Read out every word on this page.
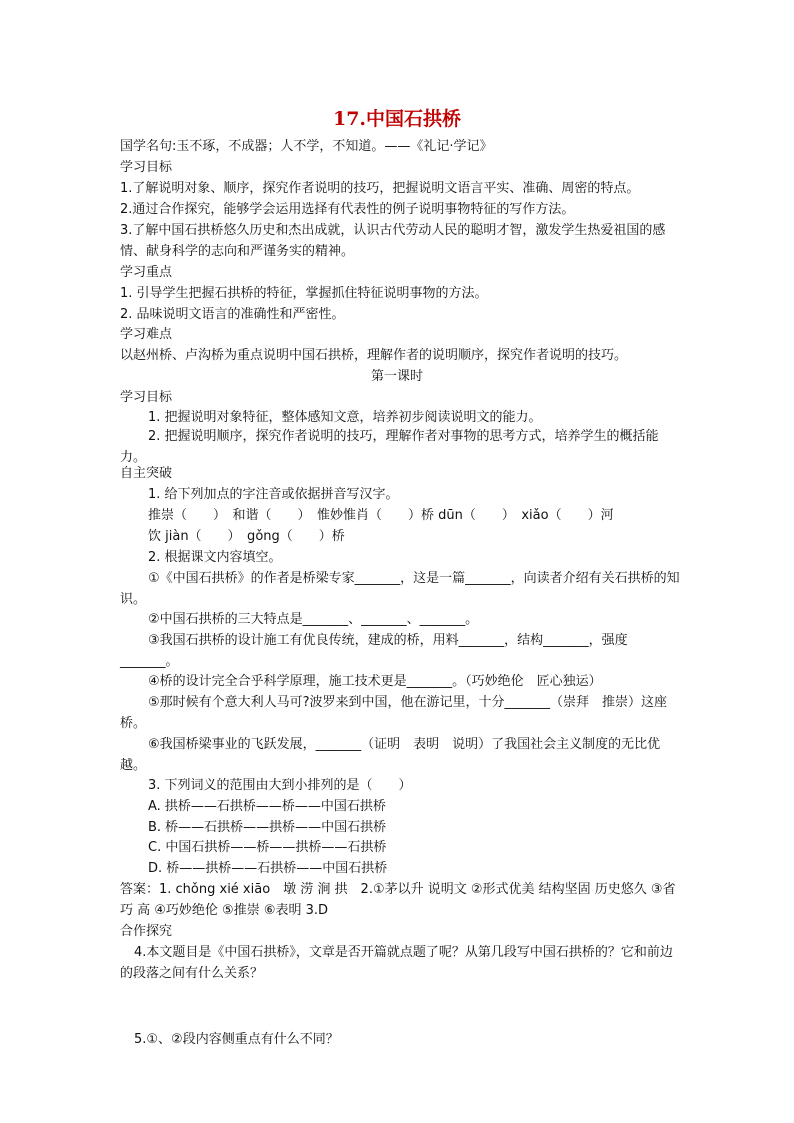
17.中国石拱桥
国学名句:玉不琢，不成器；人不学，不知道。——《礼记·学记》
学习目标
1.了解说明对象、顺序，探究作者说明的技巧，把握说明文语言平实、准确、周密的特点。
2.通过合作探究，能够学会运用选择有代表性的例子说明事物特征的写作方法。
3.了解中国石拱桥悠久历史和杰出成就，认识古代劳动人民的聪明才智，激发学生热爱祖国的感情、献身科学的志向和严谨务实的精神。
学习重点
1. 引导学生把握石拱桥的特征，掌握抓住特征说明事物的方法。
2. 品味说明文语言的准确性和严密性。
学习难点
以赵州桥、卢沟桥为重点说明中国石拱桥，理解作者的说明顺序，探究作者说明的技巧。
第一课时
学习目标
1. 把握说明对象特征，整体感知文意，培养初步阅读说明文的能力。
2. 把握说明顺序，探究作者说明的技巧，理解作者对事物的思考方式，培养学生的概括能力。
自主突破
1. 给下列加点的字注音或依据拼音写汉字。
推崇（　　）　和谐（　　）　惟妙惟肖（　　）桥 dūn（　　）　xiǎo（　　）河
饮 jiàn（　　）　gǒng（　　）桥
2. 根据课文内容填空。
①《中国石拱桥》的作者是桥梁专家_______，这是一篇_______，向读者介绍有关石拱桥的知识。
②中国石拱桥的三大特点是_______、_______、_______。
③我国石拱桥的设计施工有优良传统，建成的桥，用料_______，结构_______，强度_______。
④桥的设计完全合乎科学原理，施工技术更是_______。（巧妙绝伦　匠心独运）
⑤那时候有个意大利人马可?波罗来到中国，他在游记里，十分_______（崇拜　推崇）这座桥。
⑥我国桥梁事业的飞跃发展，_______（证明　表明　说明）了我国社会主义制度的无比优越。
3. 下列词义的范围由大到小排列的是（　　）
A. 拱桥——石拱桥——桥——中国石拱桥
B. 桥——石拱桥——拱桥——中国石拱桥
C. 中国石拱桥——桥——拱桥——石拱桥
D. 桥——拱桥——石拱桥——中国石拱桥
答案：1. chǒng xié xiāo　墩 涝 涧 拱　2.①茅以升 说明文 ②形式优美 结构坚固 历史悠久 ③省 巧 高 ④巧妙绝伦 ⑤推崇 ⑥表明 3.D
合作探究
4.本文题目是《中国石拱桥》，文章是否开篇就点题了呢？从第几段写中国石拱桥的？它和前边的段落之间有什么关系？
5.①、②段内容侧重点有什么不同？
